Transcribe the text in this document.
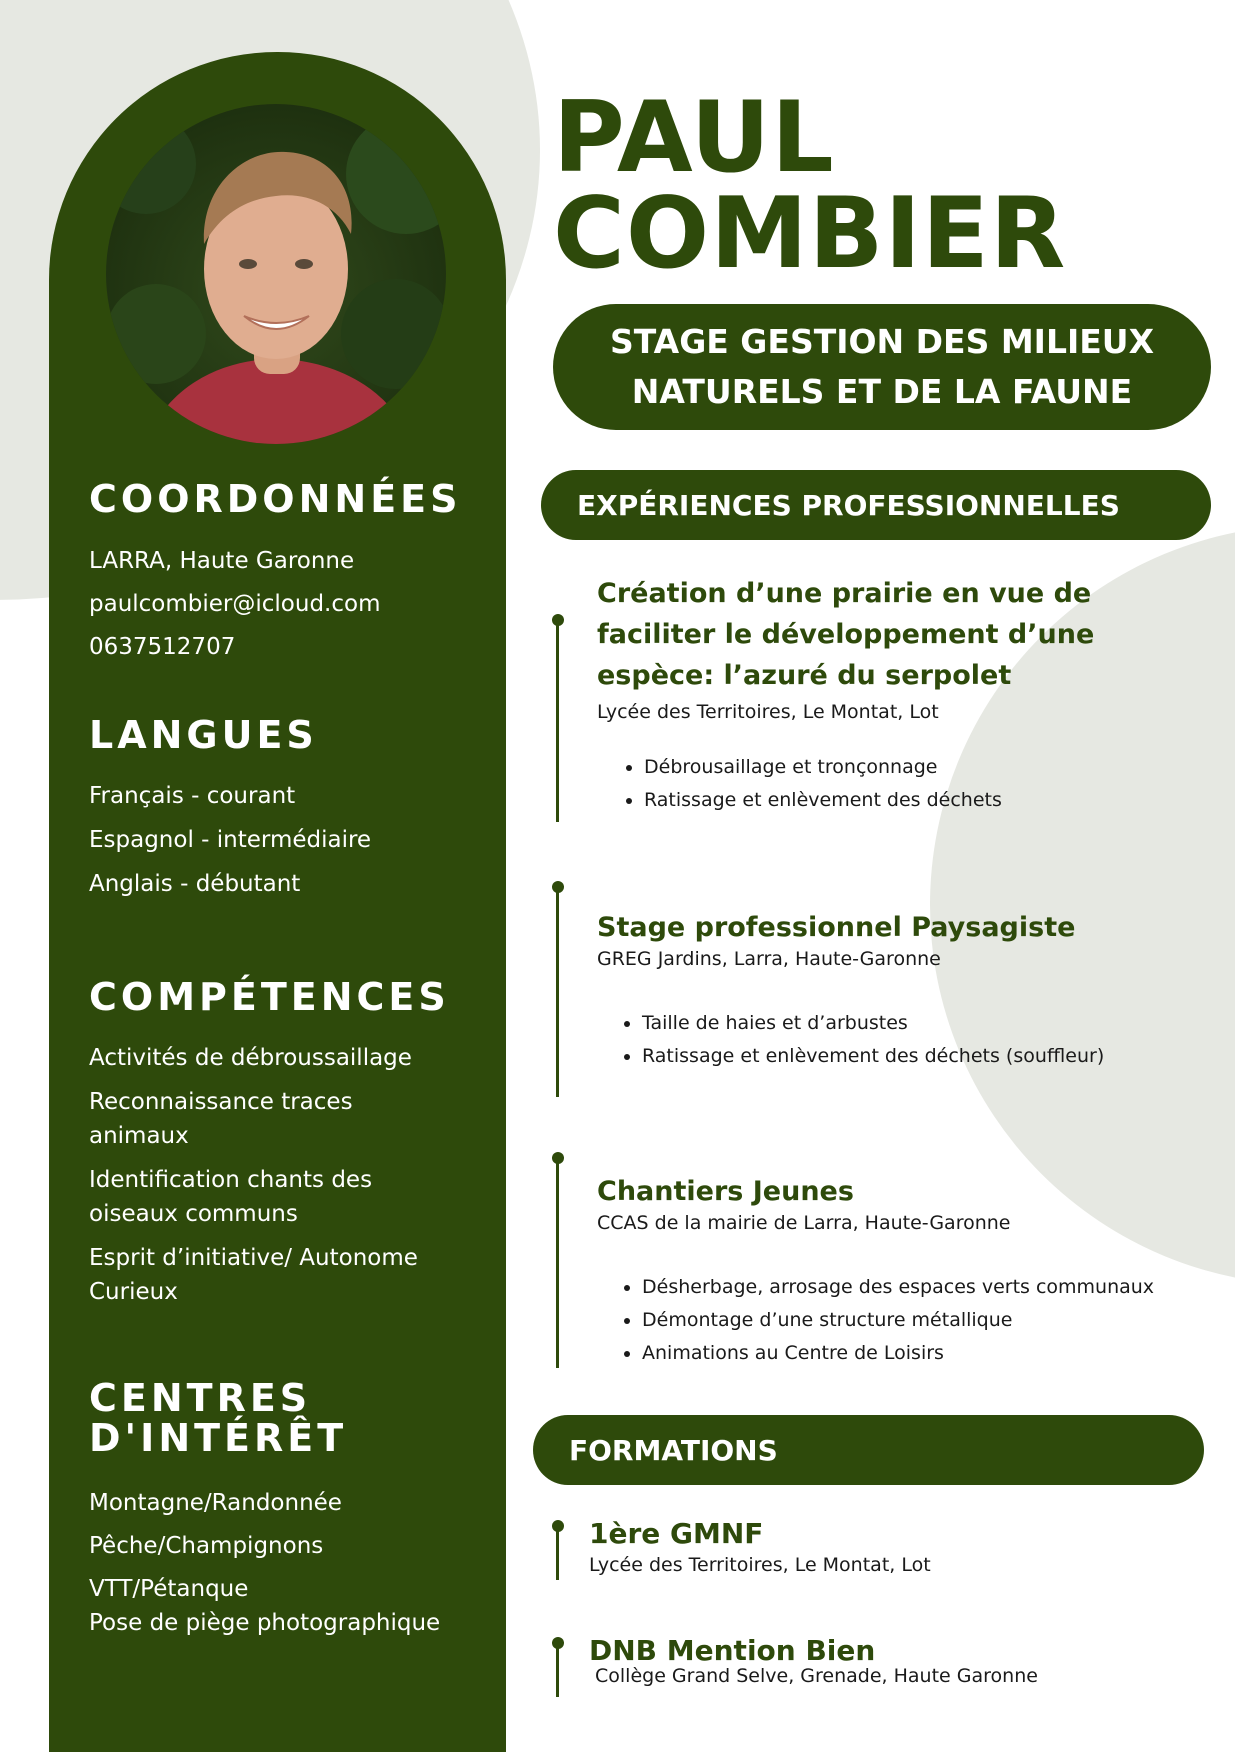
COORDONNÉES
LARRA, Haute Garonne
paulcombier@icloud.com
0637512707
LANGUES
Français - courant
Espagnol - intermédiaire
Anglais - débutant
COMPÉTENCES
Activités de débroussaillage
Reconnaissance traces animaux
Identification chants des oiseaux communs
Esprit d’initiative/ Autonome
Curieux
CENTRES
D'INTÉRÊT
Montagne/Randonnée
Pêche/Champignons
VTT/Pétanque
Pose de piège photographique
PAUL
COMBIER
STAGE GESTION DES MILIEUX NATURELS ET DE LA FAUNE
EXPÉRIENCES PROFESSIONNELLES

Création d’une prairie en vue de faciliter le développement d’une espèce: l’azuré du serpolet

Lycée des Territoires, Le Montat, Lot

• Débrousaillage et tronçonnage
• Ratissage et enlèvement des déchets

Stage professionnel Paysagiste

GREG Jardins, Larra, Haute-Garonne

• Taille de haies et d’arbustes
• Ratissage et enlèvement des déchets (souffleur)

Chantiers Jeunes

CCAS de la mairie de Larra, Haute-Garonne

• Désherbage, arrosage des espaces verts communaux
• Démontage d’une structure métallique
• Animations au Centre de Loisirs
FORMATIONS

1ère GMNF

Lycée des Territoires, Le Montat, Lot

DNB Mention Bien

Collège Grand Selve, Grenade, Haute Garonne
